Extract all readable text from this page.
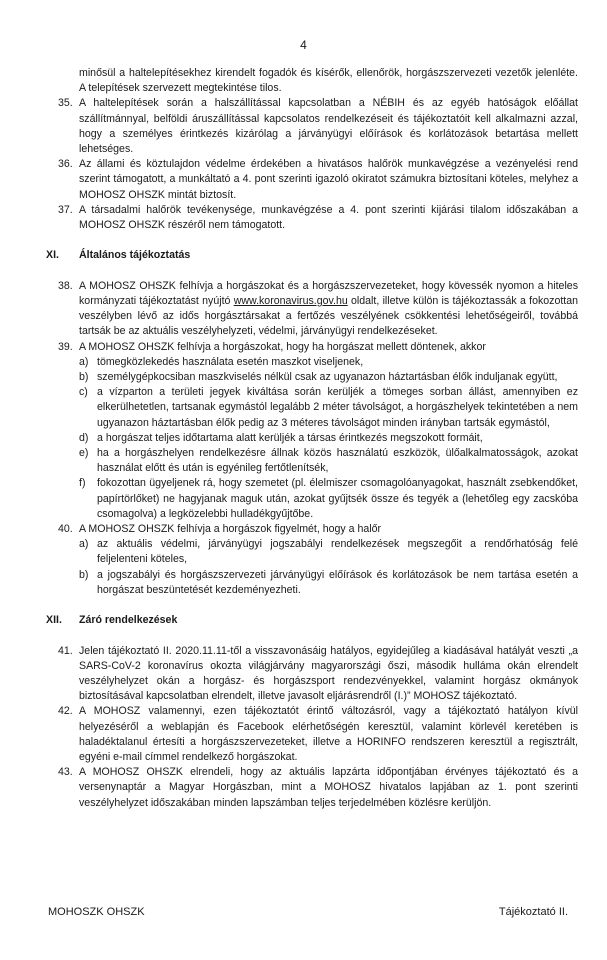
4

minősül a haltelepítésekhez kirendelt fogadók és kísérők, ellenőrök, horgászszervezeti vezetők jelenléte. A telepítések szervezett megtekintése tilos.

35. A haltelepítések során a halszállítással kapcsolatban a NÉBIH és az egyéb hatóságok előállat szállítmánnyal, belföldi áruszállítással kapcsolatos rendelkezéseit és tájékoztatóit kell alkalmazni azzal, hogy a személyes érintkezés kizárólag a járványügyi előírások és korlátozások betartása mellett lehetséges.
36. Az állami és köztulajdon védelme érdekében a hivatásos halőrök munkavégzése a vezényelési rend szerint támogatott, a munkáltató a 4. pont szerinti igazoló okiratot számukra biztosítani köteles, melyhez a MOHOSZ OHSZK mintát biztosít.
37. A társadalmi halőrök tevékenysége, munkavégzése a 4. pont szerinti kijárási tilalom időszakában a MOHOSZ OHSZK részéről nem támogatott.
XI.	Általános tájékoztatás
38. A MOHOSZ OHSZK felhívja a horgászokat és a horgászszervezeteket, hogy kövessék nyomon a hiteles kormányzati tájékoztatást nyújtó www.koronavirus.gov.hu oldalt, illetve külön is tájékoztassák a fokozottan veszélyben lévő az idős horgásztársakat a fertőzés veszélyének csökkentési lehetőségeiről, továbbá tartsák be az aktuális veszélyhelyzeti, védelmi, járványügyi rendelkezéseket.
39. A MOHOSZ OHSZK felhívja a horgászokat, hogy ha horgászat mellett döntenek, akkor
a) tömegközlekedés használata esetén maszkot viseljenek,
b) személygépkocsiban maszkviselés nélkül csak az ugyanazon háztartásban élők induljanak együtt,
c) a vízparton a területi jegyek kiváltása során kerüljék a tömeges sorban állást, amennyiben ez elkerülhetetlen, tartsanak egymástól legalább 2 méter távolságot, a horgászhelyek tekintetében a nem ugyanazon háztartásban élők pedig az 3 méteres távolságot minden irányban tartsák egymástól,
d) a horgászat teljes időtartama alatt kerüljék a társas érintkezés megszokott formáit,
e) ha a horgászhelyen rendelkezésre állnak közös használatú eszközök, ülőalkalmatosságok, azokat használat előtt és után is egyénileg fertőtlenítsék,
f)	fokozottan ügyeljenek rá, hogy szemetet (pl. élelmiszer csomagolóanyagokat, használt zsebkendőket, papírtörlőket) ne hagyjanak maguk után, azokat gyűjtsék össze és tegyék a (lehetőleg egy zacskóba csomagolva) a legközelebbi hulladékgyűjtőbe.
40. A MOHOSZ OHSZK felhívja a horgászok figyelmét, hogy a halőr
a) az aktuális védelmi, járványügyi jogszabályi rendelkezések megszegőit a rendőrhatóság felé feljelenteni köteles,
b) a jogszabályi és horgászszervezeti járványügyi előírások és korlátozások be nem tartása esetén a horgászat beszüntetését kezdeményezheti.
XII.	Záró rendelkezések
41. Jelen tájékoztató II. 2020.11.11-től a visszavonásáig hatályos, egyidejűleg a kiadásával hatályát veszti „a SARS-CoV-2 koronavírus okozta világjárvány magyarországi őszi, második hulláma okán elrendelt veszélyhelyzet okán a horgász- és horgászsport rendezvényekkel, valamint horgász okmányok biztosításával kapcsolatban elrendelt, illetve javasolt eljárásrendről (I.)” MOHOSZ tájékoztató.
42. A MOHOSZ valamennyi, ezen tájékoztatót érintő változásról, vagy a tájékoztató hatályon kívül helyezéséről a weblapján és Facebook elérhetőségén keresztül, valamint körlevél keretében is haladéktalanul értesíti a horgászszervezeteket, illetve a HORINFO rendszeren keresztül a regisztrált, egyéni e-mail címmel rendelkező horgászokat.
43. A MOHOSZ OHSZK elrendeli, hogy az aktuális lapzárta időpontjában érvényes tájékoztató és a versenynaptár a Magyar Horgászban, mint a MOHOSZ hivatalos lapjában az 1. pont szerinti veszélyhelyzet időszakában minden lapszámban teljes terjedelmében közlésre kerüljön.
MOHOSZK OHSZK	Tájékoztató II.
